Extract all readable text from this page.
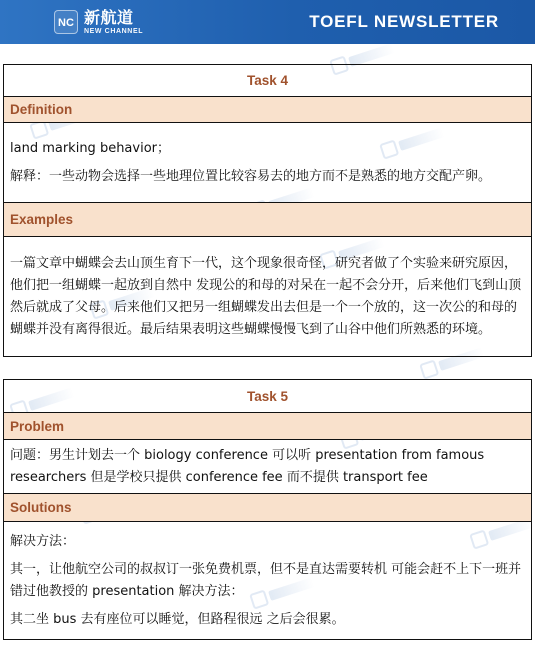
NC 新航道
NEW CHANNEL	TOEFL NEWSLETTER
Task 4
Definition

land marking behavior；

解释：一些动物会选择一些地理位置比较容易去的地方而不是熟悉的地方交配产卵。

Examples

一篇文章中蝴蝶会去山顶生育下一代，这个现象很奇怪，研究者做了个实验来研究原因，他们把一组蝴蝶一起放到自然中 发现公的和母的对呆在一起不会分开，后来他们飞到山顶然后就成了父母。后来他们又把另一组蝴蝶发出去但是一个一个放的，这一次公的和母的蝴蝶并没有离得很近。最后结果表明这些蝴蝶慢慢飞到了山谷中他们所熟悉的环境。

Task 5
Problem

问题：男生计划去一个 biology conference 可以听 presentation from famous researchers 但是学校只提供 conference fee 而不提供 transport fee

Solutions

解决方法：

其一，让他航空公司的叔叔订一张免费机票，但不是直达需要转机 可能会赶不上下一班并错过他教授的 presentation 解决方法：

其二坐 bus 去有座位可以睡觉，但路程很远 之后会很累。
